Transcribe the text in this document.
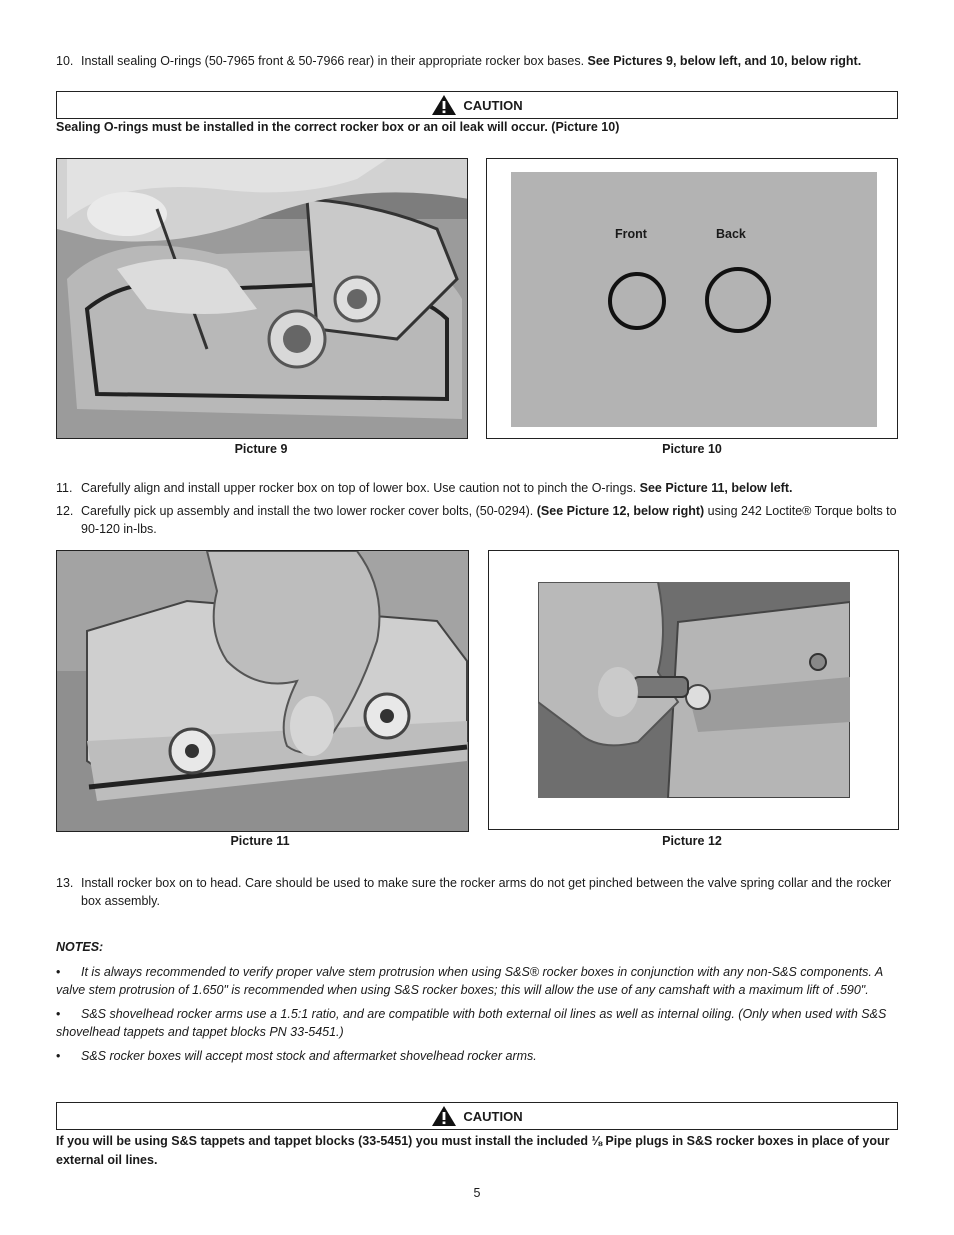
10. Install sealing O-rings (50-7965 front & 50-7966 rear) in their appropriate rocker box bases. See Pictures 9, below left, and 10, below right.
CAUTION
Sealing O-rings must be installed in the correct rocker box or an oil leak will occur. (Picture 10)
Picture 9
Front	Back
Picture 10
11. Carefully align and install upper rocker box on top of lower box. Use caution not to pinch the O-rings. See Picture 11, below left.
12. Carefully pick up assembly and install the two lower rocker cover bolts, (50-0294). (See Picture 12, below right) using 242 Loctite® Torque bolts to 90-120 in-lbs.
Picture 11	Picture 12
13. Install rocker box on to head. Care should be used to make sure the rocker arms do not get pinched between the valve spring collar and the rocker box assembly.
NOTES:
•	It is always recommended to verify proper valve stem protrusion when using S&S® rocker boxes in conjunction with any non-S&S components. A valve stem protrusion of 1.650" is recommended when using S&S rocker boxes; this will allow the use of any camshaft with a maximum lift of .590".
•	S&S shovelhead rocker arms use a 1.5:1 ratio, and are compatible with both external oil lines as well as internal oiling. (Only when used with S&S shovelhead tappets and tappet blocks PN 33-5451.)
•	S&S rocker boxes will accept most stock and aftermarket shovelhead rocker arms.
CAUTION
If you will be using S&S tappets and tappet blocks (33-5451) you must install the included ⅛ Pipe plugs in S&S rocker boxes in place of your external oil lines.
5
